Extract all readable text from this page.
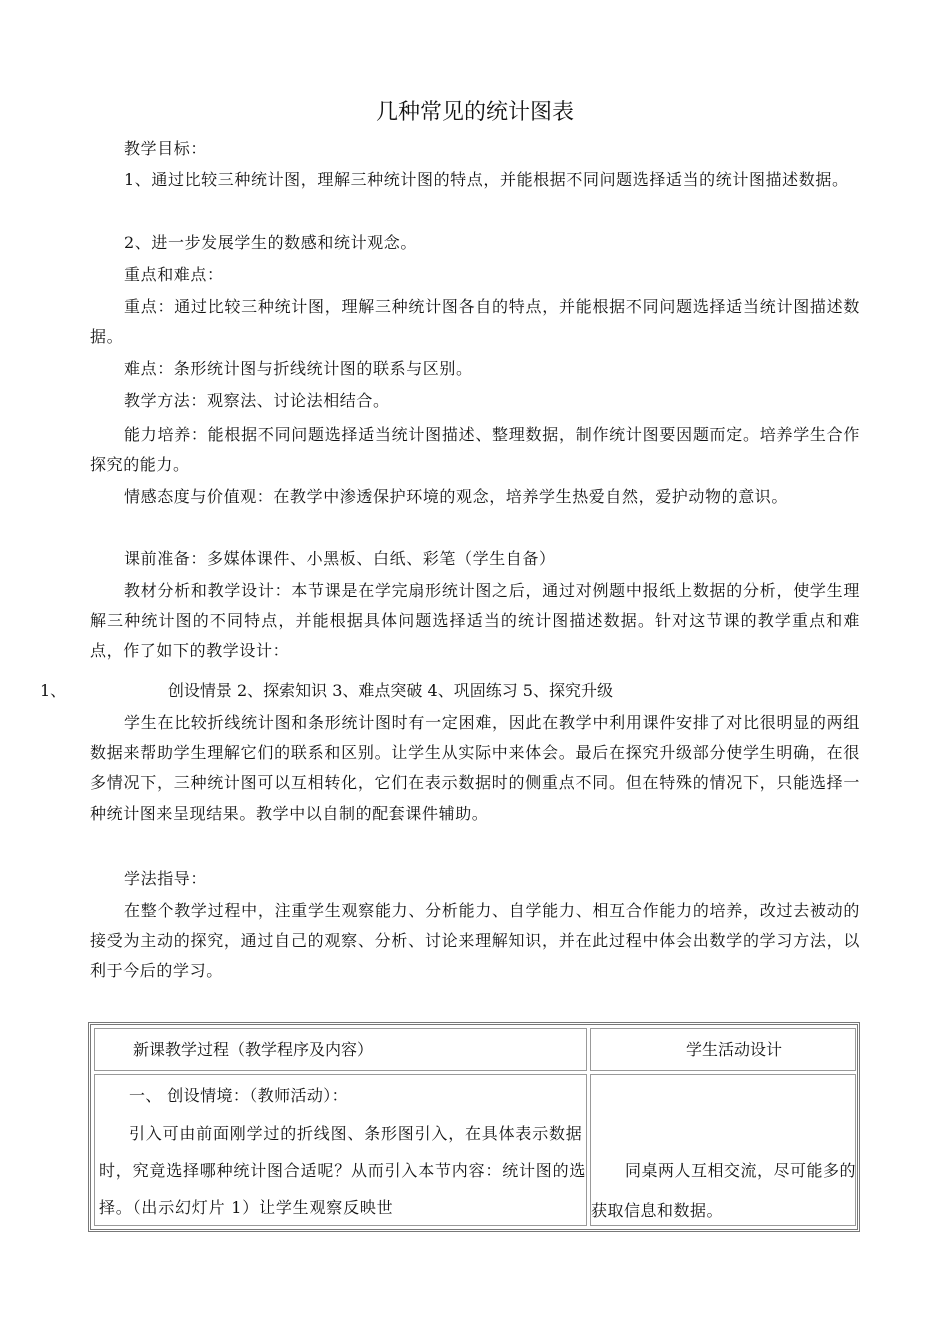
几种常见的统计图表

教学目标：

1、通过比较三种统计图，理解三种统计图的特点，并能根据不同问题选择适当的统计图描述数据。

2、进一步发展学生的数感和统计观念。

重点和难点：

重点：通过比较三种统计图，理解三种统计图各自的特点，并能根据不同问题选择适当统计图描述数据。

难点：条形统计图与折线统计图的联系与区别。

教学方法：观察法、讨论法相结合。

能力培养：能根据不同问题选择适当统计图描述、整理数据，制作统计图要因题而定。培养学生合作探究的能力。

情感态度与价值观：在教学中渗透保护环境的观念，培养学生热爱自然，爱护动物的意识。

课前准备：多媒体课件、小黑板、白纸、彩笔（学生自备）

教材分析和教学设计：本节课是在学完扇形统计图之后，通过对例题中报纸上数据的分析，使学生理解三种统计图的不同特点，并能根据具体问题选择适当的统计图描述数据。针对这节课的教学重点和难点，作了如下的教学设计：

学生在比较折线统计图和条形统计图时有一定困难，因此在教学中利用课件安排了对比很明显的两组数据来帮助学生理解它们的联系和区别。让学生从实际中来体会。最后在探究升级部分使学生明确，在很多情况下，三种统计图可以互相转化，它们在表示数据时的侧重点不同。但在特殊的情况下，只能选择一种统计图来呈现结果。教学中以自制的配套课件辅助。

学法指导：

在整个教学过程中，注重学生观察能力、分析能力、自学能力、相互合作能力的培养，改过去被动的接受为主动的探究，通过自己的观察、分析、讨论来理解知识，并在此过程中体会出数学的学习方法，以利于今后的学习。

1、                    创设情景 2、探索知识 3、难点突破 4、巩固练习 5、探究升级
新课教学过程（教学程序及内容）	学生活动设计

一、 创设情境：（教师活动）：

引入可由前面刚学过的折线图、条形图引入，在具体表示数据时，究竟选择哪种统计图合适呢？从而引入本节内容：统计图的选择。（出示幻灯片 1）让学生观察反映世

同桌两人互相交流，尽可能多的获取信息和数据。
